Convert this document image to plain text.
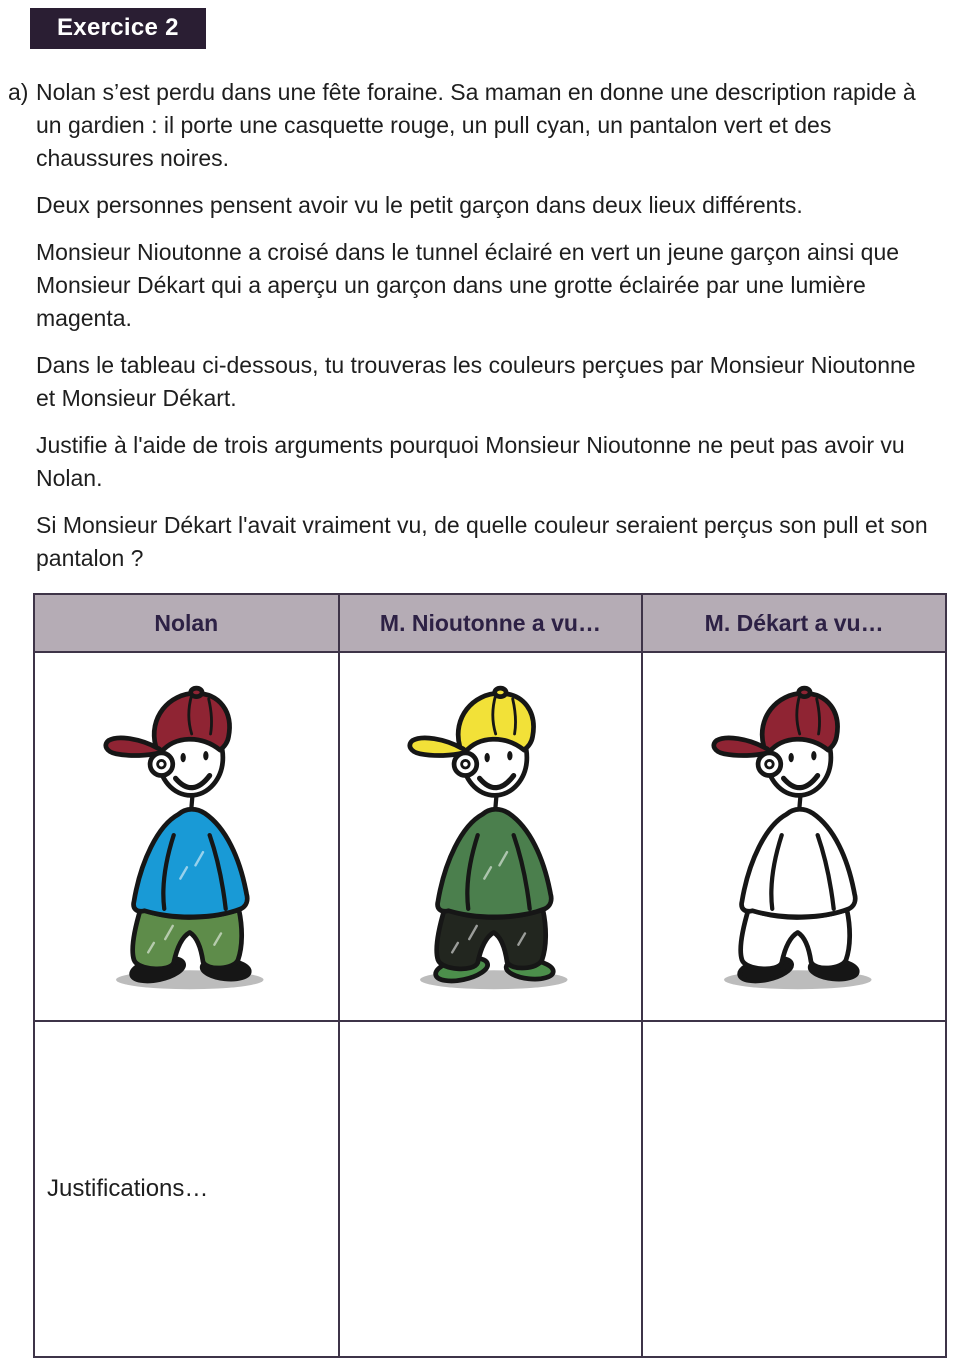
Exercice 2
a) Nolan s’est perdu dans une fête foraine. Sa maman en donne une description rapide à un gardien : il porte une casquette rouge, un pull cyan, un pantalon vert et des chaussures noires.
Deux personnes pensent avoir vu le petit garçon dans deux lieux différents.
Monsieur Nioutonne a croisé dans le tunnel éclairé en vert un jeune garçon ainsi que Monsieur Dékart qui a aperçu un garçon dans une grotte éclairée par une lumière magenta.
Dans le tableau ci-dessous, tu trouveras les couleurs perçues par Monsieur Nioutonne et Monsieur Dékart.
Justifie à l'aide de trois arguments pourquoi Monsieur Nioutonne ne peut pas avoir vu Nolan.
Si Monsieur Dékart l'avait vraiment vu, de quelle couleur seraient perçus son pull et son pantalon ?
Nolan	M. Nioutonne a vu…	M. Dékart a vu…

Justifications…		
